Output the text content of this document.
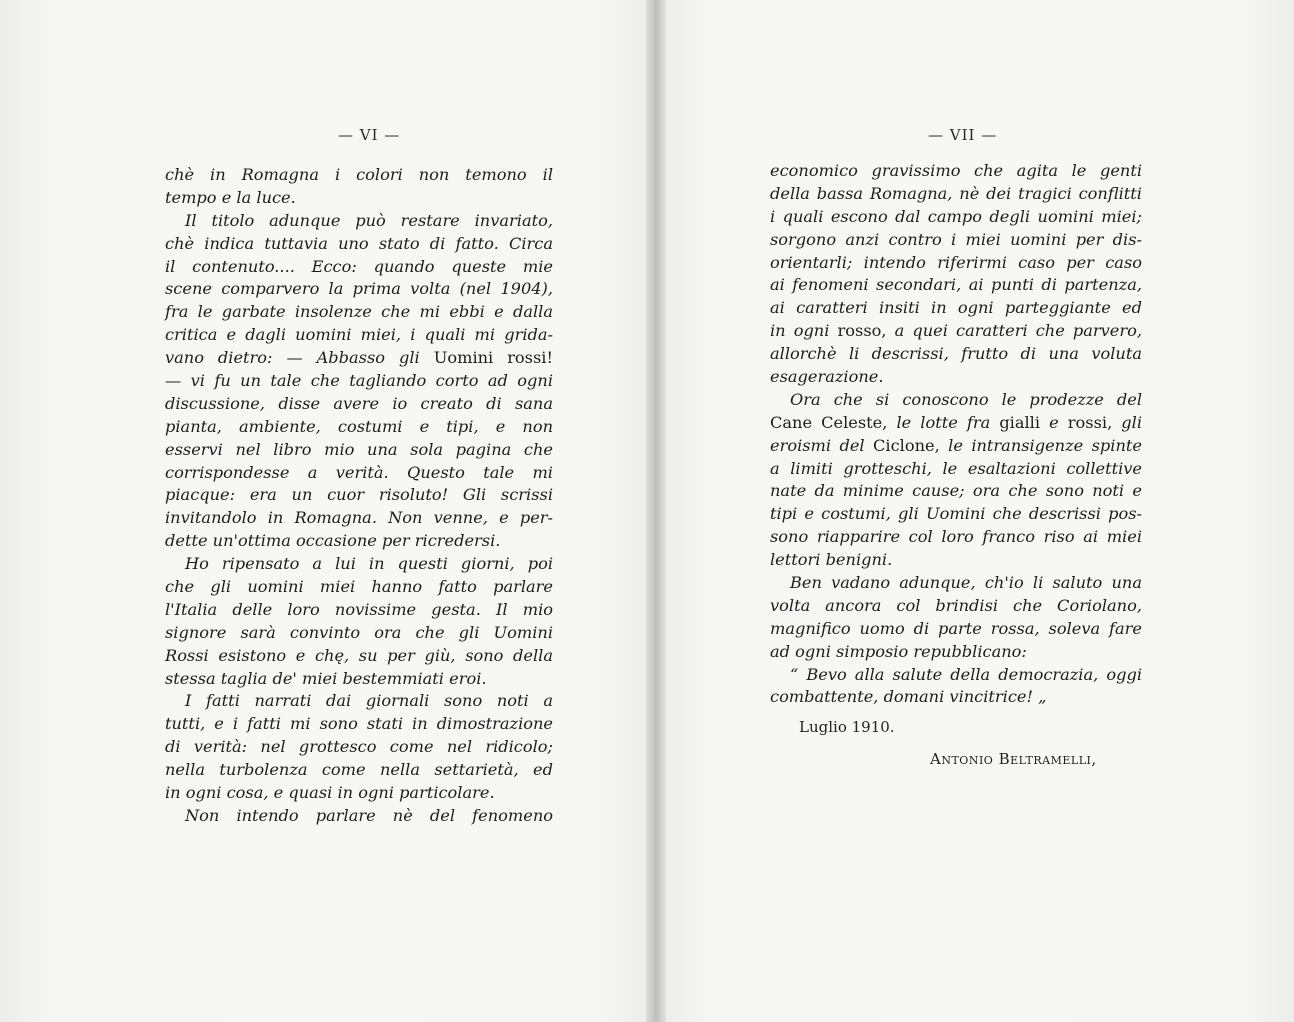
— VI —	— VII —
chè in Romagna i colori non temono il
tempo e la luce.
Il titolo adunque può restare invariato,
chè indica tuttavia uno stato di fatto. Circa
il contenuto.... Ecco: quando queste mie
scene comparvero la prima volta (nel 1904),
fra le garbate insolenze che mi ebbi e dalla
critica e dagli uomini miei, i quali mi grida-
vano dietro: — Abbasso gli Uomini rossi!
— vi fu un tale che tagliando corto ad ogni
discussione, disse avere io creato di sana
pianta, ambiente, costumi e tipi, e non
esservi nel libro mio una sola pagina che
corrispondesse a verità. Questo tale mi
piacque: era un cuor risoluto! Gli scrissi
invitandolo in Romagna. Non venne, e per-
dette un'ottima occasione per ricredersi.
Ho ripensato a lui in questi giorni, poi
che gli uomini miei hanno fatto parlare
l'Italia delle loro novissime gesta. Il mio
signore sarà convinto ora che gli Uomini
Rossi esistono e chę, su per giù, sono della
stessa taglia de' miei bestemmiati eroi.
I fatti narrati dai giornali sono noti a
tutti, e i fatti mi sono stati in dimostrazione
di verità: nel grottesco come nel ridicolo;
nella turbolenza come nella settarietà, ed
in ogni cosa, e quasi in ogni particolare.
Non intendo parlare nè del fenomeno
economico gravissimo che agita le genti
della bassa Romagna, nè dei tragici conflitti
i quali escono dal campo degli uomini miei;
sorgono anzi contro i miei uomini per dis-
orientarli; intendo riferirmi caso per caso
ai fenomeni secondari, ai punti di partenza,
ai caratteri insiti in ogni parteggiante ed
in ogni rosso, a quei caratteri che parvero,
allorchè li descrissi, frutto di una voluta
esagerazione.
Ora che si conoscono le prodezze del
Cane Celeste, le lotte fra gialli e rossi, gli
eroismi del Ciclone, le intransigenze spinte
a limiti grotteschi, le esaltazioni collettive
nate da minime cause; ora che sono noti e
tipi e costumi, gli Uomini che descrissi pos-
sono riapparire col loro franco riso ai miei
lettori benigni.
Ben vadano adunque, ch'io li saluto una
volta ancora col brindisi che Coriolano,
magnifico uomo di parte rossa, soleva fare
ad ogni simposio repubblicano:
“ Bevo alla salute della democrazia, oggi
combattente, domani vincitrice! „
Luglio 1910.
Antonio Beltramelli,
